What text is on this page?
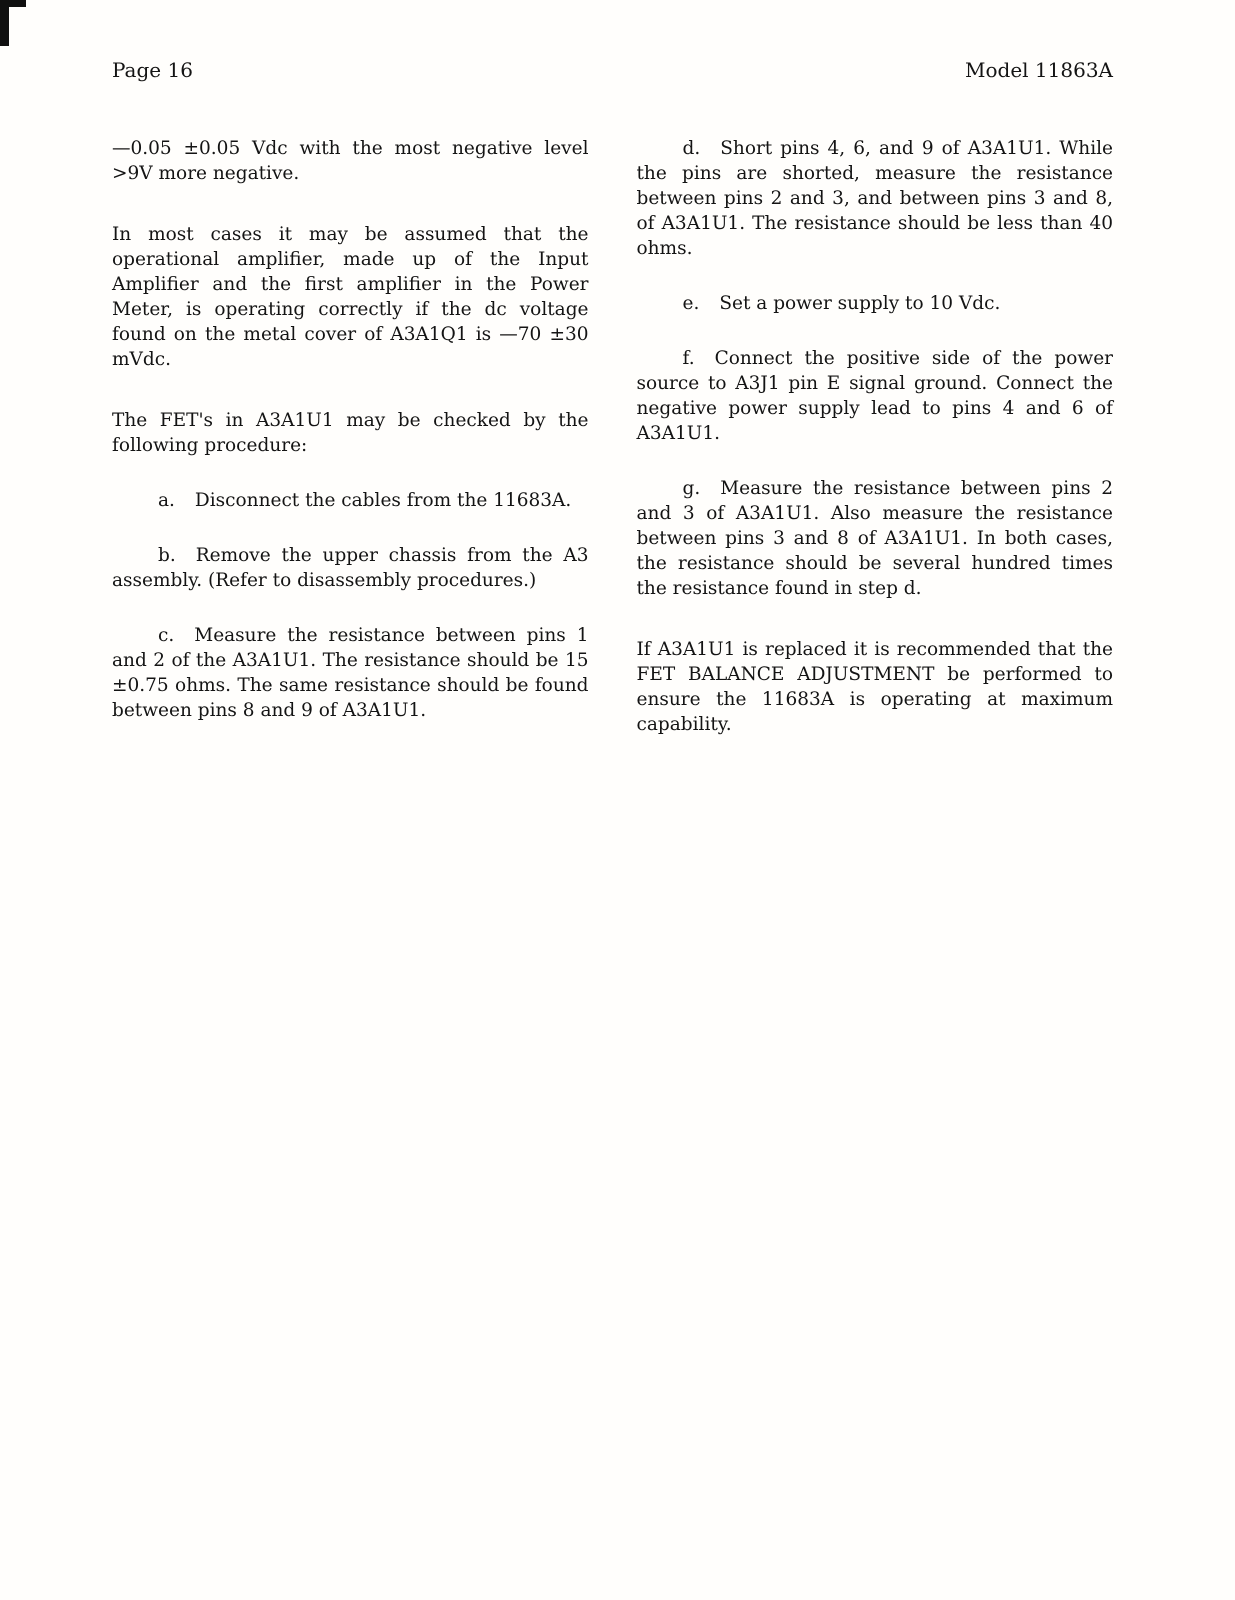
Page 16	Model 11863A

—0.05 ±0.05 Vdc with the most negative level >9V more negative.

In most cases it may be assumed that the operational amplifier, made up of the Input Amplifier and the first amplifier in the Power Meter, is operating correctly if the dc voltage found on the metal cover of A3A1Q1 is —70 ±30 mVdc.

The FET's in A3A1U1 may be checked by the following procedure:

a. Disconnect the cables from the 11683A.

b. Remove the upper chassis from the A3 assembly. (Refer to disassembly procedures.)

c. Measure the resistance between pins 1 and 2 of the A3A1U1. The resistance should be 15 ±0.75 ohms. The same resistance should be found between pins 8 and 9 of A3A1U1.

d. Short pins 4, 6, and 9 of A3A1U1. While the pins are shorted, measure the resistance between pins 2 and 3, and between pins 3 and 8, of A3A1U1. The resistance should be less than 40 ohms.

e. Set a power supply to 10 Vdc.

f. Connect the positive side of the power source to A3J1 pin E signal ground. Connect the negative power supply lead to pins 4 and 6 of A3A1U1.

g. Measure the resistance between pins 2 and 3 of A3A1U1. Also measure the resistance between pins 3 and 8 of A3A1U1. In both cases, the resistance should be several hundred times the resistance found in step d.

If A3A1U1 is replaced it is recommended that the FET BALANCE ADJUSTMENT be performed to ensure the 11683A is operating at maximum capability.
